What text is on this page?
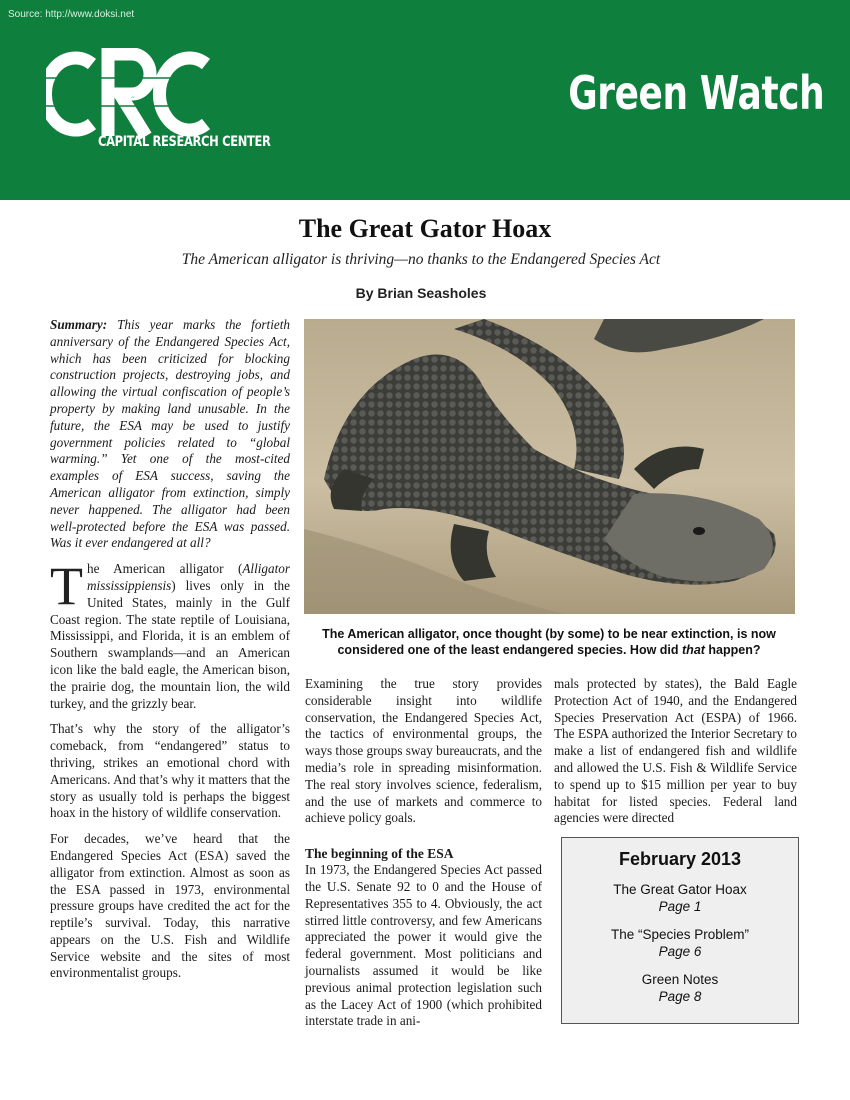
Source: http://www.doksi.net
CRC
CAPITAL RESEARCH CENTER
Green Watch
The Great Gator Hoax
The American alligator is thriving—no thanks to the Endangered Species Act
By Brian Seasholes

Summary: This year marks the fortieth anniversary of the Endangered Species Act, which has been criticized for blocking construction projects, destroying jobs, and allowing the virtual confiscation of people’s property by making land unusable. In the future, the ESA may be used to justify government policies related to “global warming.” Yet one of the most-cited examples of ESA success, saving the American alligator from extinction, simply never happened. The alligator had been well-protected before the ESA was passed. Was it ever endangered at all?

The American alligator (Alligator mississippiensis) lives only in the United States, mainly in the Gulf Coast region. The state reptile of Louisiana, Mississippi, and Florida, it is an emblem of Southern swamplands—and an American icon like the bald eagle, the American bison, the prairie dog, the mountain lion, the wild turkey, and the grizzly bear.

That’s why the story of the alligator’s comeback, from “endangered” status to thriving, strikes an emotional chord with Americans. And that’s why it matters that the story as usually told is perhaps the biggest hoax in the history of wildlife conservation.

For decades, we’ve heard that the Endangered Species Act (ESA) saved the alligator from extinction. Almost as soon as the ESA passed in 1973, environmental pressure groups have credited the act for the reptile’s survival. Today, this narrative appears on the U.S. Fish and Wildlife Service website and the sites of most environmentalist groups.

The American alligator, once thought (by some) to be near extinction, is now considered one of the least endangered species. How did that happen?

Examining the true story provides considerable insight into wildlife conservation, the Endangered Species Act, the tactics of environmental groups, the ways those groups sway bureaucrats, and the media’s role in spreading misinformation. The real story involves science, federalism, and the use of markets and commerce to achieve policy goals.

The beginning of the ESA

In 1973, the Endangered Species Act passed the U.S. Senate 92 to 0 and the House of Representatives 355 to 4. Obviously, the act stirred little controversy, and few Americans appreciated the power it would give the federal government. Most politicians and journalists assumed it would be like previous animal protection legislation such as the Lacey Act of 1900 (which prohibited interstate trade in ani-

mals protected by states), the Bald Eagle Protection Act of 1940, and the Endangered Species Preservation Act (ESPA) of 1966. The ESPA authorized the Interior Secretary to make a list of endangered fish and wildlife and allowed the U.S. Fish & Wildlife Service to spend up to $15 million per year to buy habitat for listed species. Federal land agencies were directed

February 2013
The Great Gator Hoax
Page 1
The “Species Problem”
Page 6
Green Notes
Page 8
